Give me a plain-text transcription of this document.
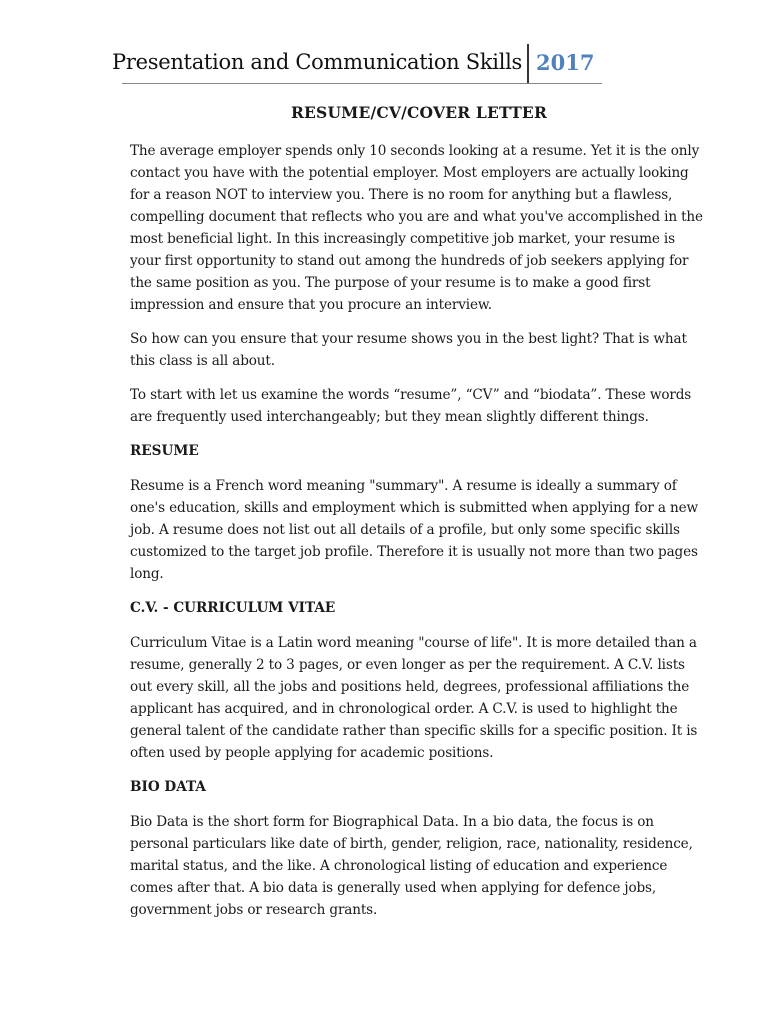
Presentation and Communication Skills 2017
RESUME/CV/COVER LETTER

The average employer spends only 10 seconds looking at a resume. Yet it is the only contact you have with the potential employer. Most employers are actually looking for a reason NOT to interview you. There is no room for anything but a flawless, compelling document that reflects who you are and what you've accomplished in the most beneficial light. In this increasingly competitive job market, your resume is your first opportunity to stand out among the hundreds of job seekers applying for the same position as you. The purpose of your resume is to make a good first impression and ensure that you procure an interview.

So how can you ensure that your resume shows you in the best light? That is what this class is all about.

To start with let us examine the words “resume”, “CV” and “biodata”. These words are frequently used interchangeably; but they mean slightly different things.

RESUME

Resume is a French word meaning "summary". A resume is ideally a summary of one's education, skills and employment which is submitted when applying for a new job. A resume does not list out all details of a profile, but only some specific skills customized to the target job profile. Therefore it is usually not more than two pages long.

C.V. - CURRICULUM VITAE

Curriculum Vitae is a Latin word meaning "course of life". It is more detailed than a resume, generally 2 to 3 pages, or even longer as per the requirement. A C.V. lists out every skill, all the jobs and positions held, degrees, professional affiliations the applicant has acquired, and in chronological order. A C.V. is used to highlight the general talent of the candidate rather than specific skills for a specific position. It is often used by people applying for academic positions.

BIO DATA

Bio Data is the short form for Biographical Data. In a bio data, the focus is on personal particulars like date of birth, gender, religion, race, nationality, residence, marital status, and the like. A chronological listing of education and experience comes after that. A bio data is generally used when applying for defence jobs, government jobs or research grants.
